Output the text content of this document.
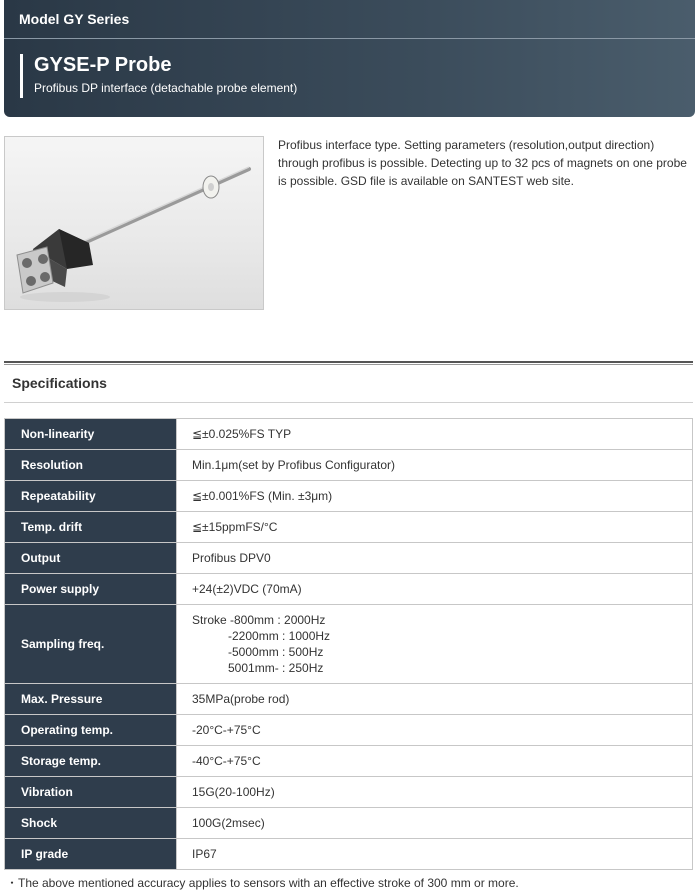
Model GY Series
GYSE-P Probe
Profibus DP interface (detachable probe element)
Profibus interface type. Setting parameters (resolution,output direction) through profibus is possible. Detecting up to 32 pcs of magnets on one probe is possible. GSD file is available on SANTEST web site.
Specifications
Non-linearity	≦±0.025%FS TYP
Resolution	Min.1μm(set by Profibus Configurator)
Repeatability	≦±0.001%FS (Min. ±3μm)
Temp. drift	≦±15ppmFS/°C
Output	Profibus DPV0
Power supply	+24(±2)VDC (70mA)
Sampling freq.	Stroke -800mm : 2000Hz
-2200mm : 1000Hz
-5000mm : 500Hz
5001mm- : 250Hz

Max. Pressure	35MPa(probe rod)
Operating temp.	-20°C-+75°C
Storage temp.	-40°C-+75°C
Vibration	15G(20-100Hz)
Shock	100G(2msec)
IP grade	IP67
・The above mentioned accuracy applies to sensors with an effective stroke of 300 mm or more.
